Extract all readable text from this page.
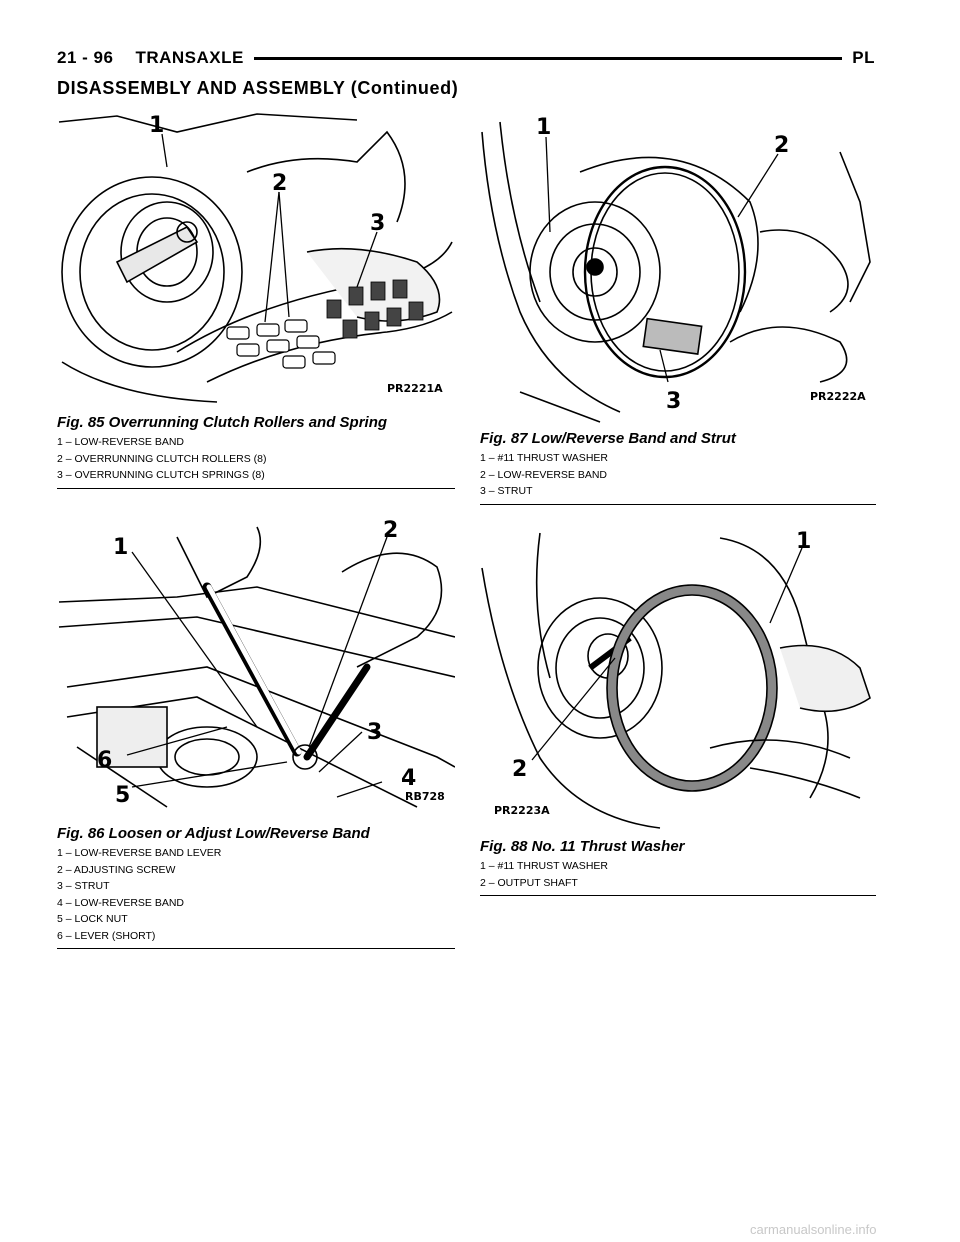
21 - 96 TRANSAXLE	PL
DISASSEMBLY AND ASSEMBLY (Continued)
1
2
3
PR2221A
Fig. 85 Overrunning Clutch Rollers and Spring
1 – LOW-REVERSE BAND
2 – OVERRUNNING CLUTCH ROLLERS (8)
3 – OVERRUNNING CLUTCH SPRINGS (8)
1
2
3
4
5
6
RB728
Fig. 86 Loosen or Adjust Low/Reverse Band
1 – LOW-REVERSE BAND LEVER
2 – ADJUSTING SCREW
3 – STRUT
4 – LOW-REVERSE BAND
5 – LOCK NUT
6 – LEVER (SHORT)
1
2
3	PR2222A
Fig. 87 Low/Reverse Band and Strut
1 – #11 THRUST WASHER
2 – LOW-REVERSE BAND
3 – STRUT
1
2
PR2223A
Fig. 88 No. 11 Thrust Washer
1 – #11 THRUST WASHER
2 – OUTPUT SHAFT
carmanualsonline.info
